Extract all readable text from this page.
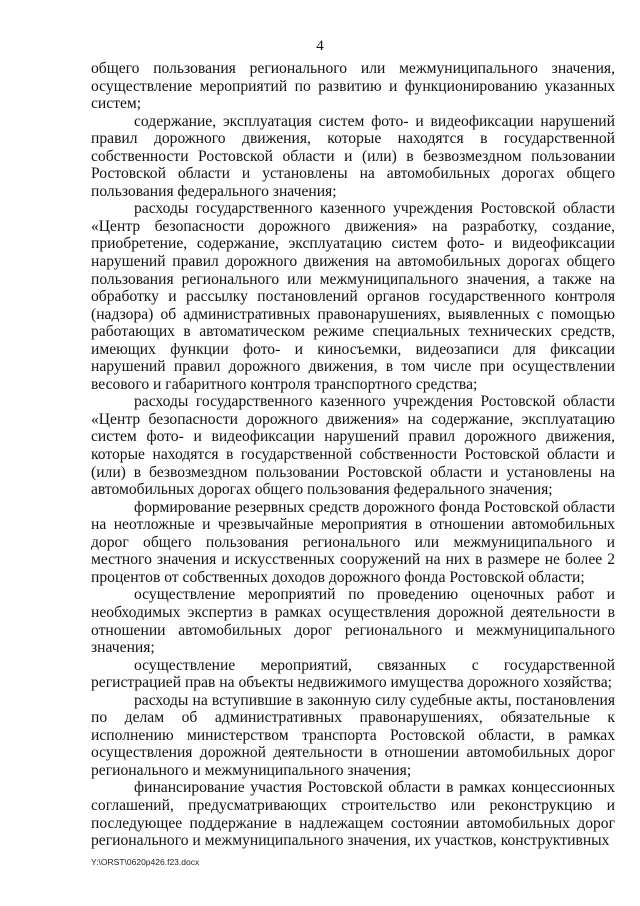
4

общего пользования регионального или межмуниципального значения, осуществление мероприятий по развитию и функционированию указанных систем;

содержание, эксплуатация систем фото- и видеофиксации нарушений правил дорожного движения, которые находятся в государственной собственности Ростовской области и (или) в безвозмездном пользовании Ростовской области и установлены на автомобильных дорогах общего пользования федерального значения;

расходы государственного казенного учреждения Ростовской области «Центр безопасности дорожного движения» на разработку, создание, приобретение, содержание, эксплуатацию систем фото- и видеофиксации нарушений правил дорожного движения на автомобильных дорогах общего пользования регионального или межмуниципального значения, а также на обработку и рассылку постановлений органов государственного контроля (надзора) об административных правонарушениях, выявленных с помощью работающих в автоматическом режиме специальных технических средств, имеющих функции фото- и киносъемки, видеозаписи для фиксации нарушений правил дорожного движения, в том числе при осуществлении весового и габаритного контроля транспортного средства;

расходы государственного казенного учреждения Ростовской области «Центр безопасности дорожного движения» на содержание, эксплуатацию систем фото- и видеофиксации нарушений правил дорожного движения, которые находятся в государственной собственности Ростовской области и (или) в безвозмездном пользовании Ростовской области и установлены на автомобильных дорогах общего пользования федерального значения;

формирование резервных средств дорожного фонда Ростовской области на неотложные и чрезвычайные мероприятия в отношении автомобильных дорог общего пользования регионального или межмуниципального и местного значения и искусственных сооружений на них в размере не более 2 процентов от собственных доходов дорожного фонда Ростовской области;

осуществление мероприятий по проведению оценочных работ и необходимых экспертиз в рамках осуществления дорожной деятельности в отношении автомобильных дорог регионального и межмуниципального значения;

осуществление мероприятий, связанных с государственной регистрацией прав на объекты недвижимого имущества дорожного хозяйства;

расходы на вступившие в законную силу судебные акты, постановления по делам об административных правонарушениях, обязательные к исполнению министерством транспорта Ростовской области, в рамках осуществления дорожной деятельности в отношении автомобильных дорог регионального и межмуниципального значения;

финансирование участия Ростовской области в рамках концессионных соглашений, предусматривающих строительство или реконструкцию и последующее поддержание в надлежащем состоянии автомобильных дорог регионального и межмуниципального значения, их участков, конструктивных

Y:\ORST\0620p426.f23.docx
